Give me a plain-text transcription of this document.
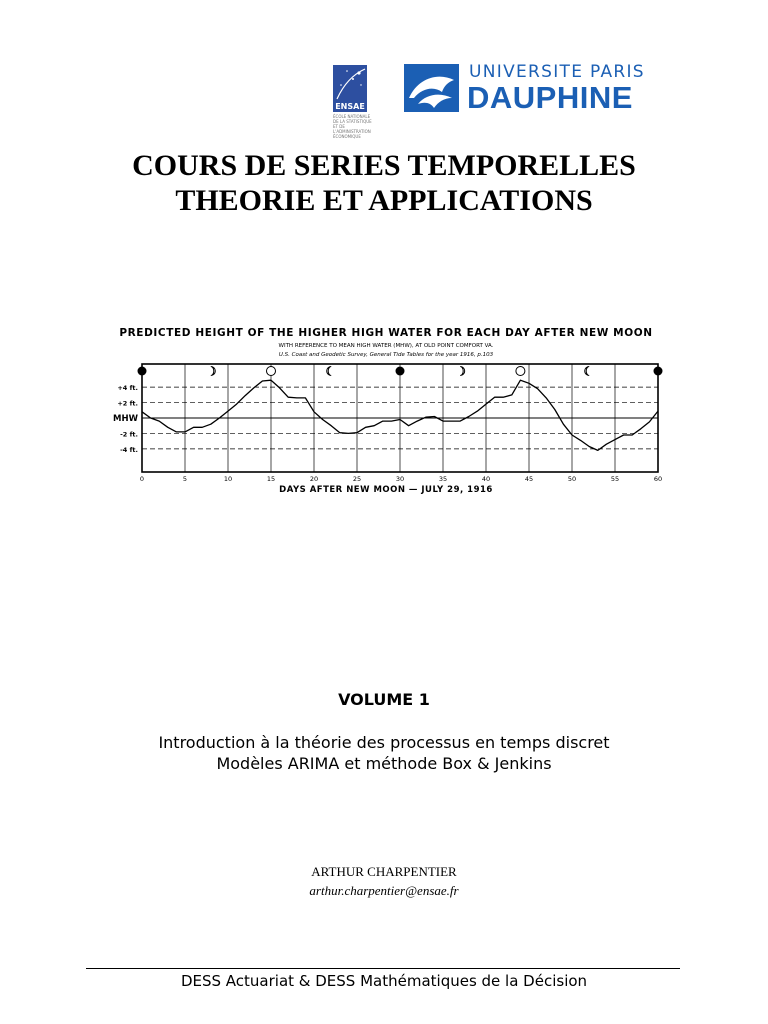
ENSAE
ÉCOLE NATIONALE DE LA STATISTIQUE ET DE L'ADMINISTRATION ÉCONOMIQUE
UNIVERSITE PARIS
DAUPHINE
COURS DE SERIES TEMPORELLES
THEORIE ET APPLICATIONS
PREDICTED HEIGHT OF THE HIGHER HIGH WATER FOR EACH DAY AFTER NEW MOON
WITH REFERENCE TO MEAN HIGH WATER (MHW), AT OLD POINT COMFORT VA.
U.S. Coast and Geodetic Survey, General Tide Tables for the year 1916, p.103
+4 ft.
+2 ft.
MHW
-2 ft.
-4 ft.
0	5	10	15	20	25	30	35	40	45	50	55	60
DAYS AFTER NEW MOON — JULY 29, 1916
VOLUME 1
Introduction à la théorie des processus en temps discret
Modèles ARIMA et méthode Box & Jenkins
ARTHUR CHARPENTIER
arthur.charpentier@ensae.fr
DESS Actuariat & DESS Mathématiques de la Décision
